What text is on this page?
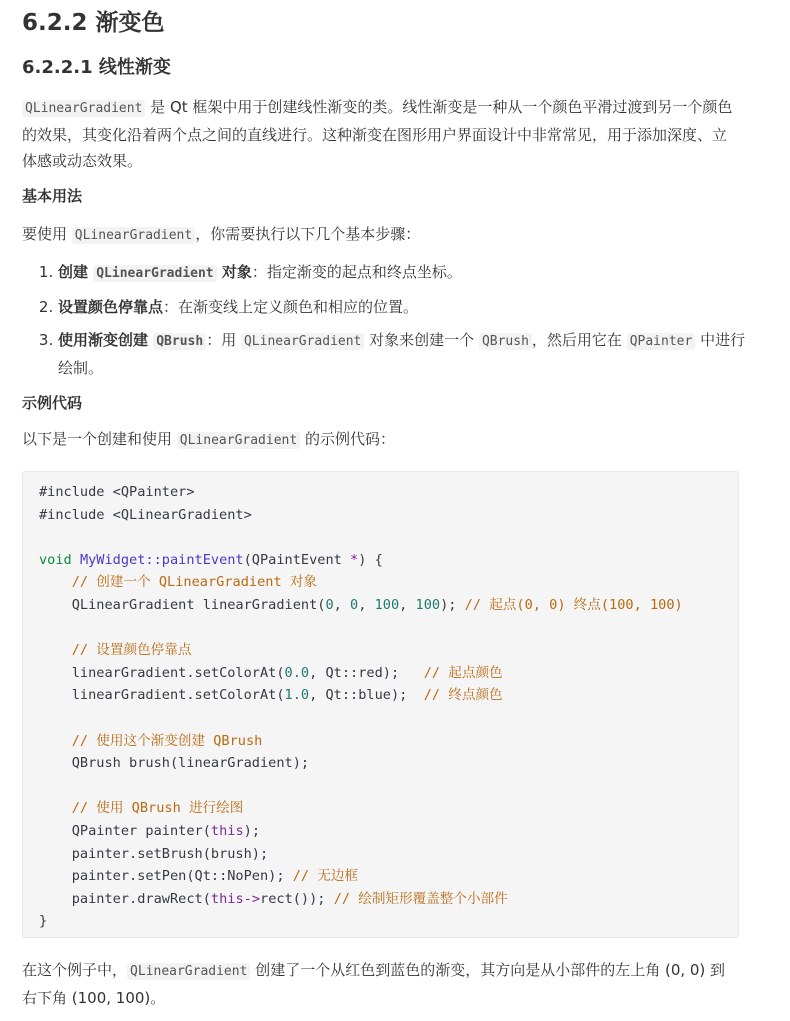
6.2.2 渐变色
6.2.2.1 线性渐变
QLinearGradient 是 Qt 框架中用于创建线性渐变的类。线性渐变是一种从一个颜色平滑过渡到另一个颜色的效果，其变化沿着两个点之间的直线进行。这种渐变在图形用户界面设计中非常常见，用于添加深度、立体感或动态效果。
基本用法
要使用 QLinearGradient ，你需要执行以下几个基本步骤：
1. 创建 QLinearGradient 对象：指定渐变的起点和终点坐标。
2. 设置颜色停靠点：在渐变线上定义颜色和相应的位置。
3. 使用渐变创建 QBrush ：用 QLinearGradient 对象来创建一个 QBrush ，然后用它在 QPainter 中进行绘制。
示例代码
以下是一个创建和使用 QLinearGradient 的示例代码：
#include <QPainter>
#include <QLinearGradient>

void MyWidget::paintEvent(QPaintEvent *) {
// 创建一个 QLinearGradient 对象
QLinearGradient linearGradient(0, 0, 100, 100); // 起点(0, 0) 终点(100, 100)

// 设置颜色停靠点
linearGradient.setColorAt(0.0, Qt::red); // 起点颜色
linearGradient.setColorAt(1.0, Qt::blue); // 终点颜色

// 使用这个渐变创建 QBrush
QBrush brush(linearGradient);

// 使用 QBrush 进行绘图
QPainter painter(this);
painter.setBrush(brush);
painter.setPen(Qt::NoPen); // 无边框
painter.drawRect(this->rect()); // 绘制矩形覆盖整个小部件
}
在这个例子中， QLinearGradient 创建了一个从红色到蓝色的渐变，其方向是从小部件的左上角 (0, 0) 到右下角 (100, 100)。
